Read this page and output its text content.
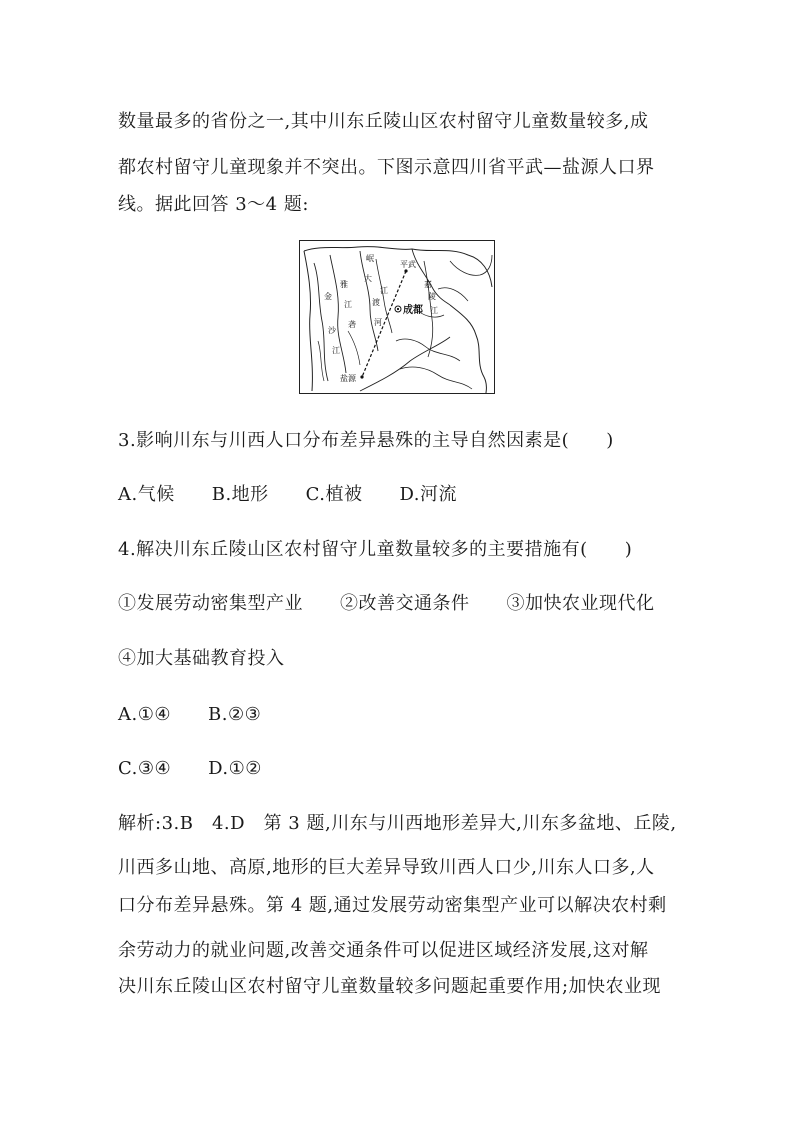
数量最多的省份之一,其中川东丘陵山区农村留守儿童数量较多,成
都农村留守儿童现象并不突出。下图示意四川省平武—盐源人口界
线。据此回答 3～4 题:
平武
成都
盐源
金
沙
江
雅
砻
江
大
渡
河
岷
江
嘉
陵
江
3.影响川东与川西人口分布差异悬殊的主导自然因素是(　　)
A.气候　　B.地形　　C.植被　　D.河流
4.解决川东丘陵山区农村留守儿童数量较多的主要措施有(　　)
①发展劳动密集型产业　　②改善交通条件　　③加快农业现代化
④加大基础教育投入
A.①④　　B.②③
C.③④　　D.①②
解析:3.B　4.D　第 3 题,川东与川西地形差异大,川东多盆地、丘陵,
川西多山地、高原,地形的巨大差异导致川西人口少,川东人口多,人
口分布差异悬殊。第 4 题,通过发展劳动密集型产业可以解决农村剩
余劳动力的就业问题,改善交通条件可以促进区域经济发展,这对解
决川东丘陵山区农村留守儿童数量较多问题起重要作用;加快农业现
